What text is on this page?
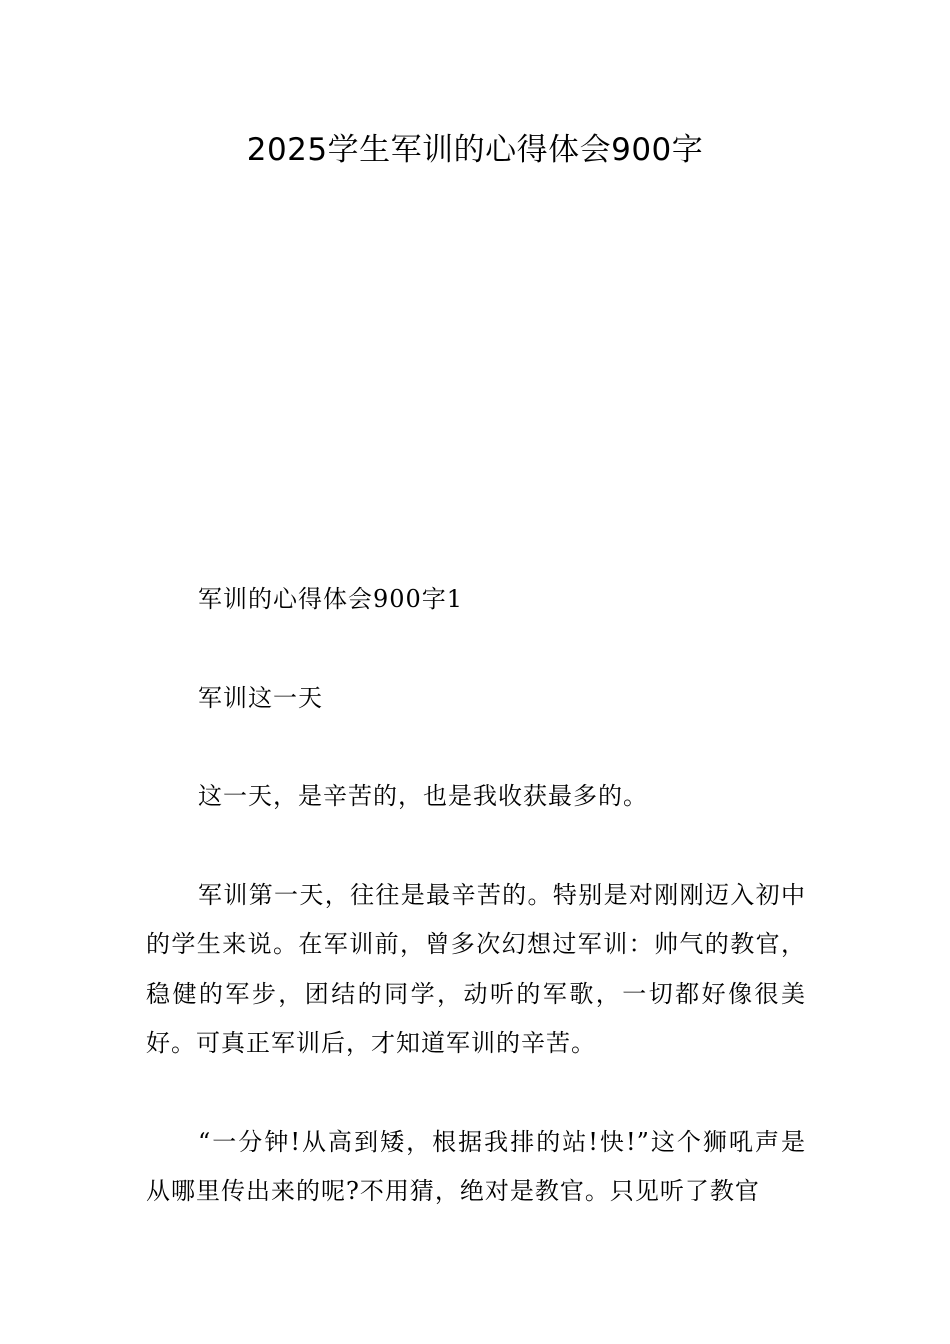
2025学生军训的心得体会900字

军训的心得体会900字1

军训这一天

这一天，是辛苦的，也是我收获最多的。

军训第一天，往往是最辛苦的。特别是对刚刚迈入初中的学生来说。在军训前，曾多次幻想过军训：帅气的教官，稳健的军步，团结的同学，动听的军歌，一切都好像很美好。可真正军训后，才知道军训的辛苦。

“一分钟!从高到矮，根据我排的站!快!”这个狮吼声是从哪里传出来的呢?不用猜，绝对是教官。只见听了教官
